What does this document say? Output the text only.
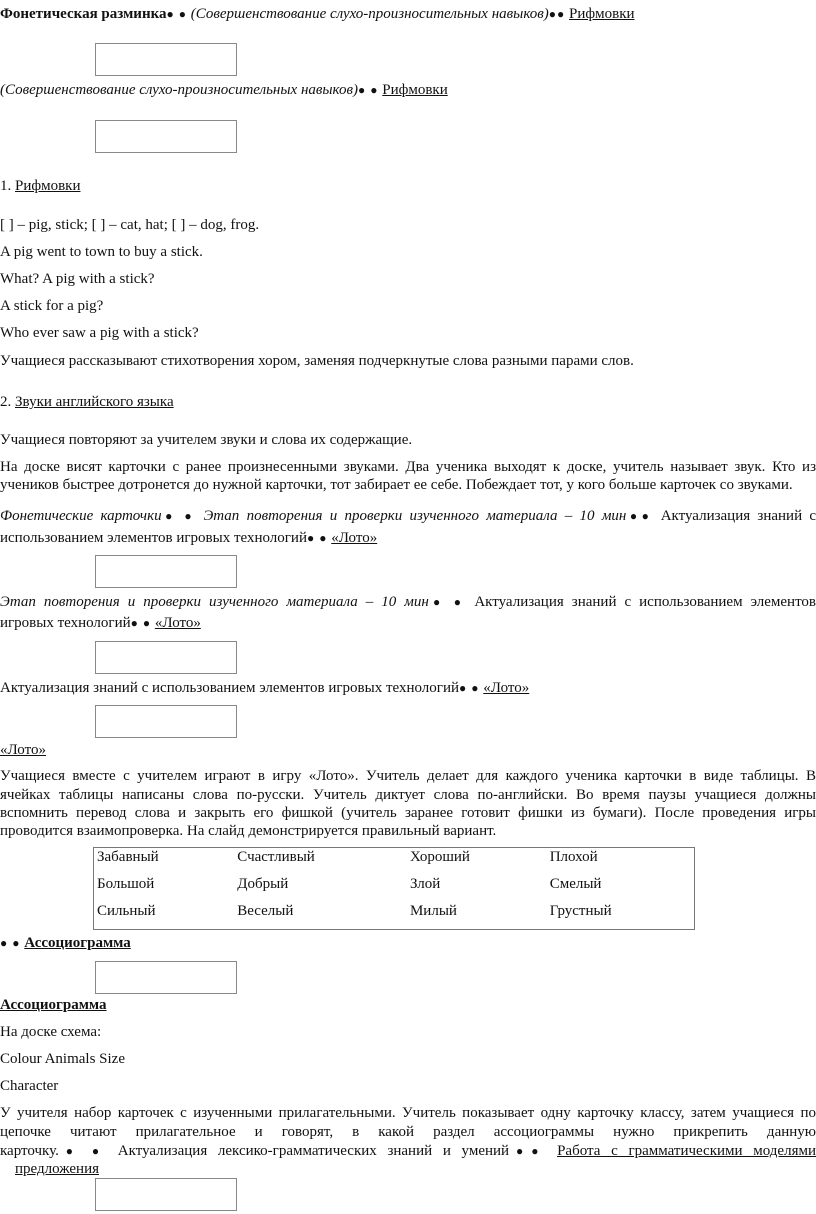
Фонетическая разминка● ● (Совершенствование слухо-произносительных навыков)●● Рифмовки
(Совершенствование слухо-произносительных навыков)● ● Рифмовки
1. Рифмовки
[ ] – pig, stick; [ ] – cat, hat; [ ] – dog, frog.
A pig went to town to buy a stick.
What? A pig with a stick?
A stick for a pig?
Who ever saw a pig with a stick?
Учащиеся рассказывают стихотворения хором, заменяя подчеркнутые слова разными парами слов.
2. Звуки английского языка
Учащиеся повторяют за учителем звуки и слова их содержащие.
На доске висят карточки с ранее произнесенными звуками. Два ученика выходят к доске, учитель называет звук. Кто из
учеников быстрее дотронется до нужной карточки, тот забирает ее себе. Побеждает тот, у кого больше карточек со звуками.
Фонетические карточки● ● Этап повторения и проверки изученного материала – 10 мин●● Актуализация знаний с
использованием элементов игровых технологий● ● «Лото»
Этап повторения и проверки изученного материала – 10 мин● ● Актуализация знаний с использованием элементов
игровых технологий● ● «Лото»
Актуализация знаний с использованием элементов игровых технологий● ● «Лото»
«Лото»
Учащиеся вместе с учителем играют в игру «Лото». Учитель делает для каждого ученика карточки в виде таблицы. В
ячейках таблицы написаны слова по-русски. Учитель диктует слова по-английски. Во время паузы учащиеся должны
вспомнить перевод слова и закрыть его фишкой (учитель заранее готовит фишки из бумаги). После проведения игры
проводится взаимопроверка. На слайд демонстрируется правильный вариант.
Забавный	Счастливый	Хороший	Плохой
Большой	Добрый	Злой	Смелый
Сильный	Веселый	Милый	Грустный
● ● Ассоциограмма
Ассоциограмма
На доске схема:
Colour Animals Size
Character
У учителя набор карточек с изученными прилагательными. Учитель показывает одну карточку классу, затем учащиеся по
цепочке читают прилагательное и говорят, в какой раздел ассоциограммы нужно прикрепить данную
карточку.● ● Актуализация лексико-грамматических знаний и умений●● Работа с грамматическими моделями
предложения
